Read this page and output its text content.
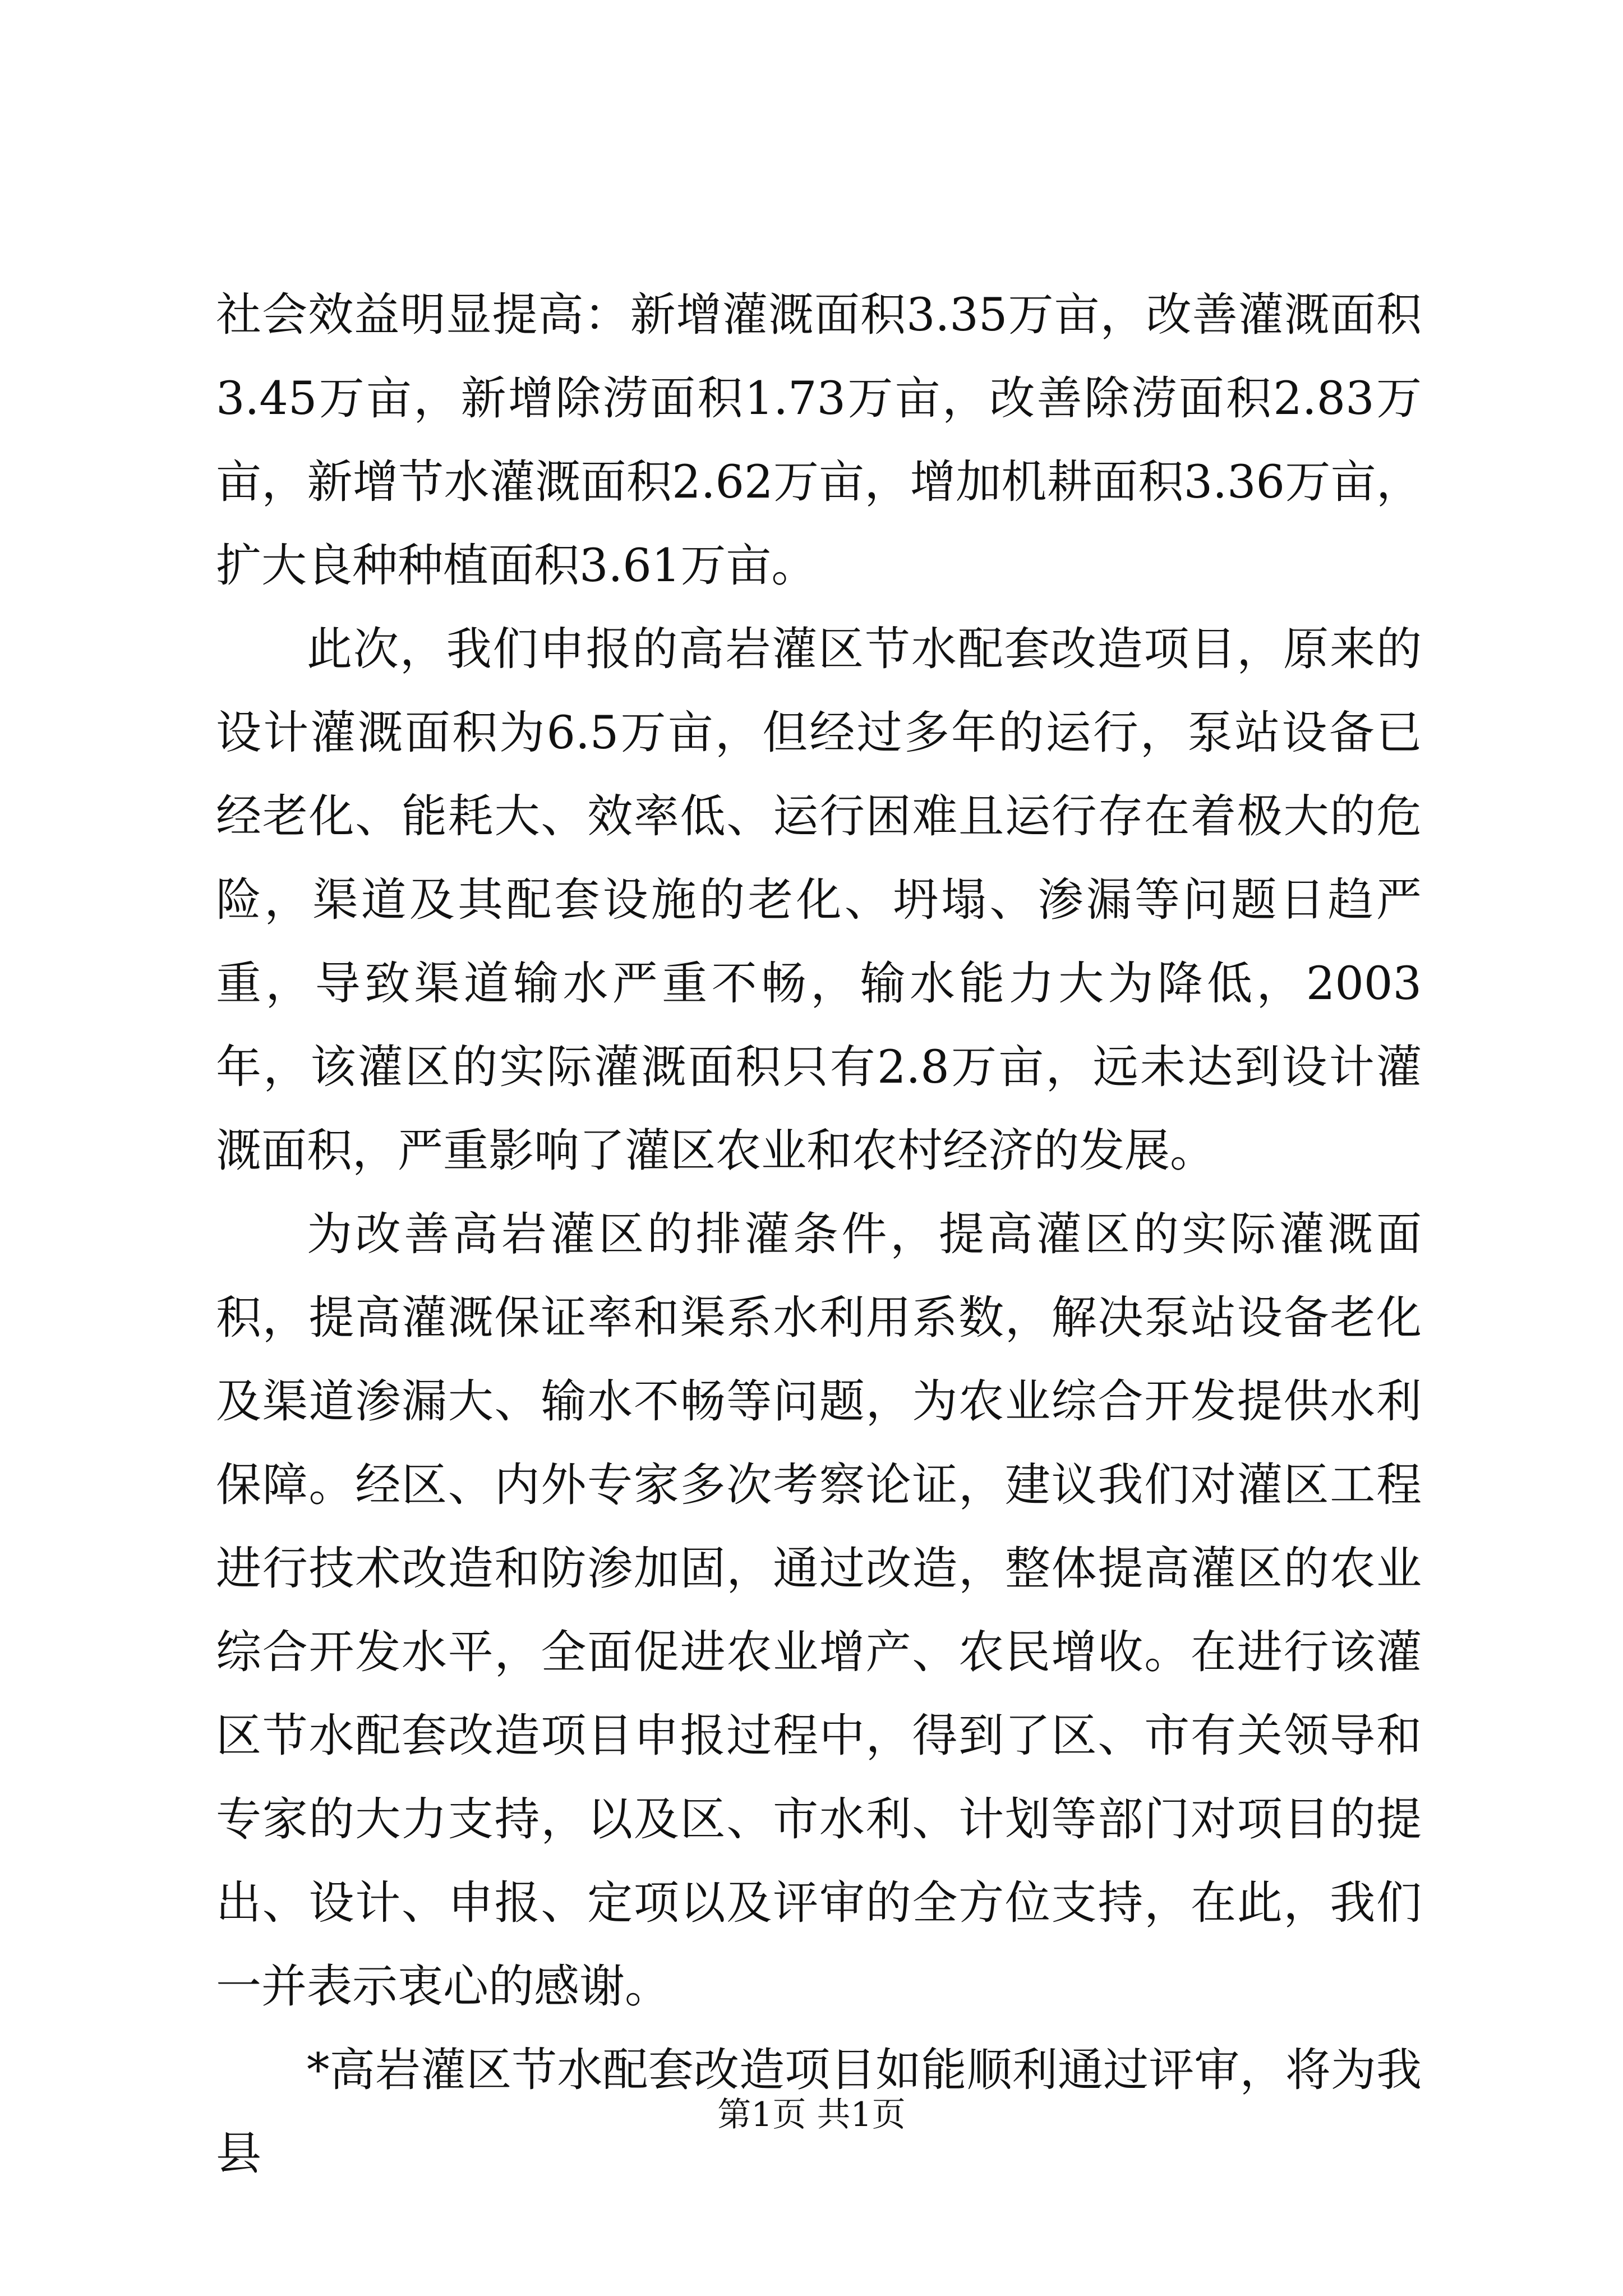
社会效益明显提高：新增灌溉面积3.35万亩，改善灌溉面积3.45万亩，新增除涝面积1.73万亩，改善除涝面积2.83万亩，新增节水灌溉面积2.62万亩，增加机耕面积3.36万亩，扩大良种种植面积3.61万亩。

此次，我们申报的高岩灌区节水配套改造项目，原来的设计灌溉面积为6.5万亩，但经过多年的运行，泵站设备已经老化、能耗大、效率低、运行困难且运行存在着极大的危险，渠道及其配套设施的老化、坍塌、渗漏等问题日趋严重，导致渠道输水严重不畅，输水能力大为降低，2003年，该灌区的实际灌溉面积只有2.8万亩，远未达到设计灌溉面积，严重影响了灌区农业和农村经济的发展。

为改善高岩灌区的排灌条件，提高灌区的实际灌溉面积，提高灌溉保证率和渠系水利用系数，解决泵站设备老化及渠道渗漏大、输水不畅等问题，为农业综合开发提供水利保障。经区、内外专家多次考察论证，建议我们对灌区工程进行技术改造和防渗加固，通过改造，整体提高灌区的农业综合开发水平，全面促进农业增产、农民增收。在进行该灌区节水配套改造项目申报过程中，得到了区、市有关领导和专家的大力支持，以及区、市水利、计划等部门对项目的提出、设计、申报、定项以及评审的全方位支持，在此，我们一并表示衷心的感谢。

*高岩灌区节水配套改造项目如能顺利通过评审，将为我县

第1页 共1页
